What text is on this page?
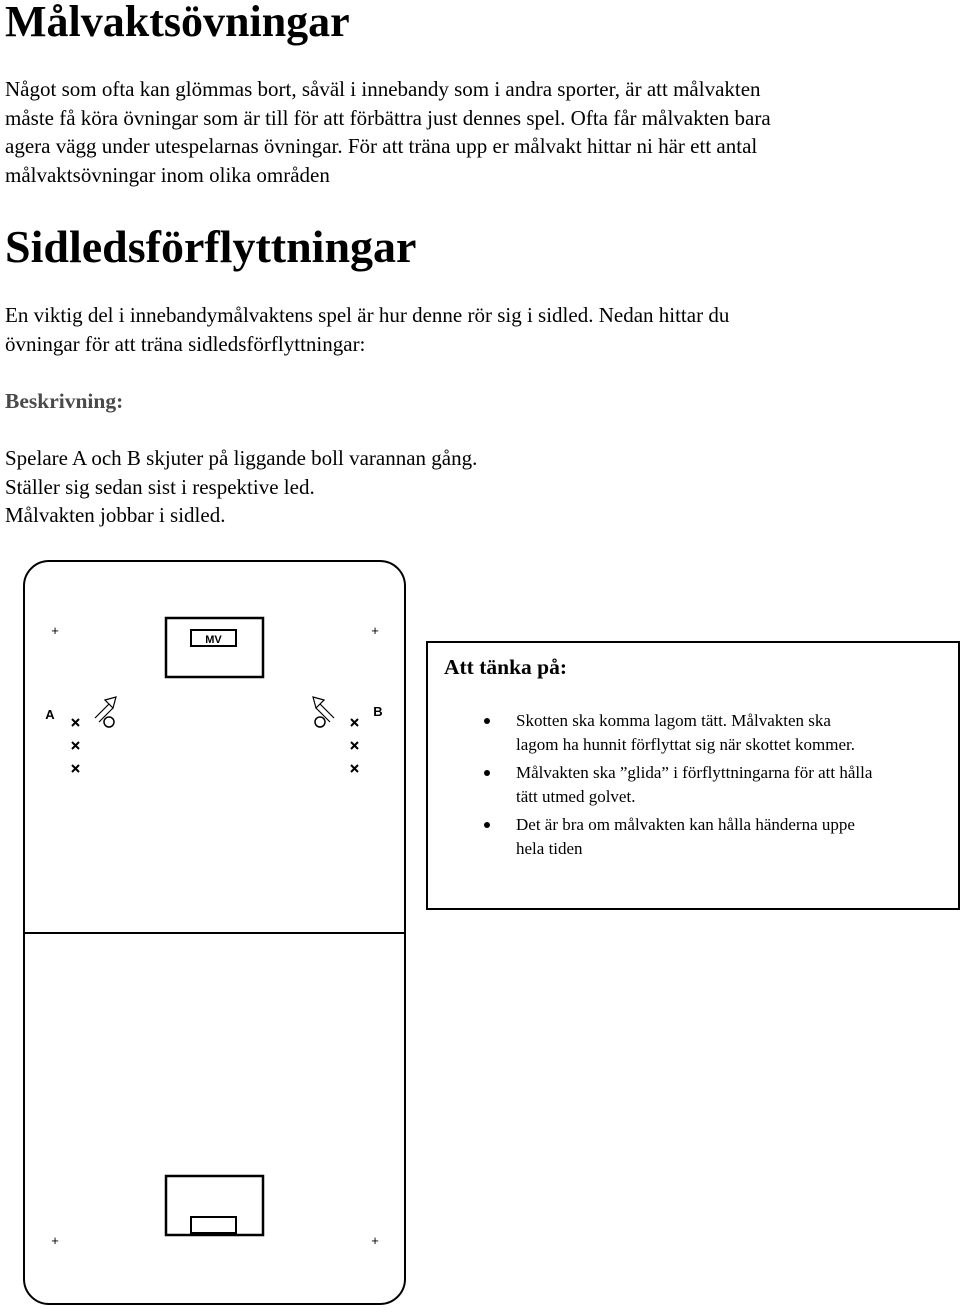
Målvaktsövningar

Något som ofta kan glömmas bort, såväl i innebandy som i andra sporter, är att målvakten
måste få köra övningar som är till för att förbättra just dennes spel. Ofta får målvakten bara
agera vägg under utespelarnas övningar. För att träna upp er målvakt hittar ni här ett antal
målvaktsövningar inom olika områden

Sidledsförflyttningar

En viktig del i innebandymålvaktens spel är hur denne rör sig i sidled. Nedan hittar du
övningar för att träna sidledsförflyttningar:

Beskrivning:

Spelare A och B skjuter på liggande boll varannan gång.
Ställer sig sedan sist i respektive led.
Målvakten jobbar i sidled.

MV
+	+
A	B
+	+

Att tänka på:

Skotten ska komma lagom tätt. Målvakten ska
lagom ha hunnit förflyttat sig när skottet kommer.
Målvakten ska ”glida” i förflyttningarna för att hålla
tätt utmed golvet.
Det är bra om målvakten kan hålla händerna uppe
hela tiden
